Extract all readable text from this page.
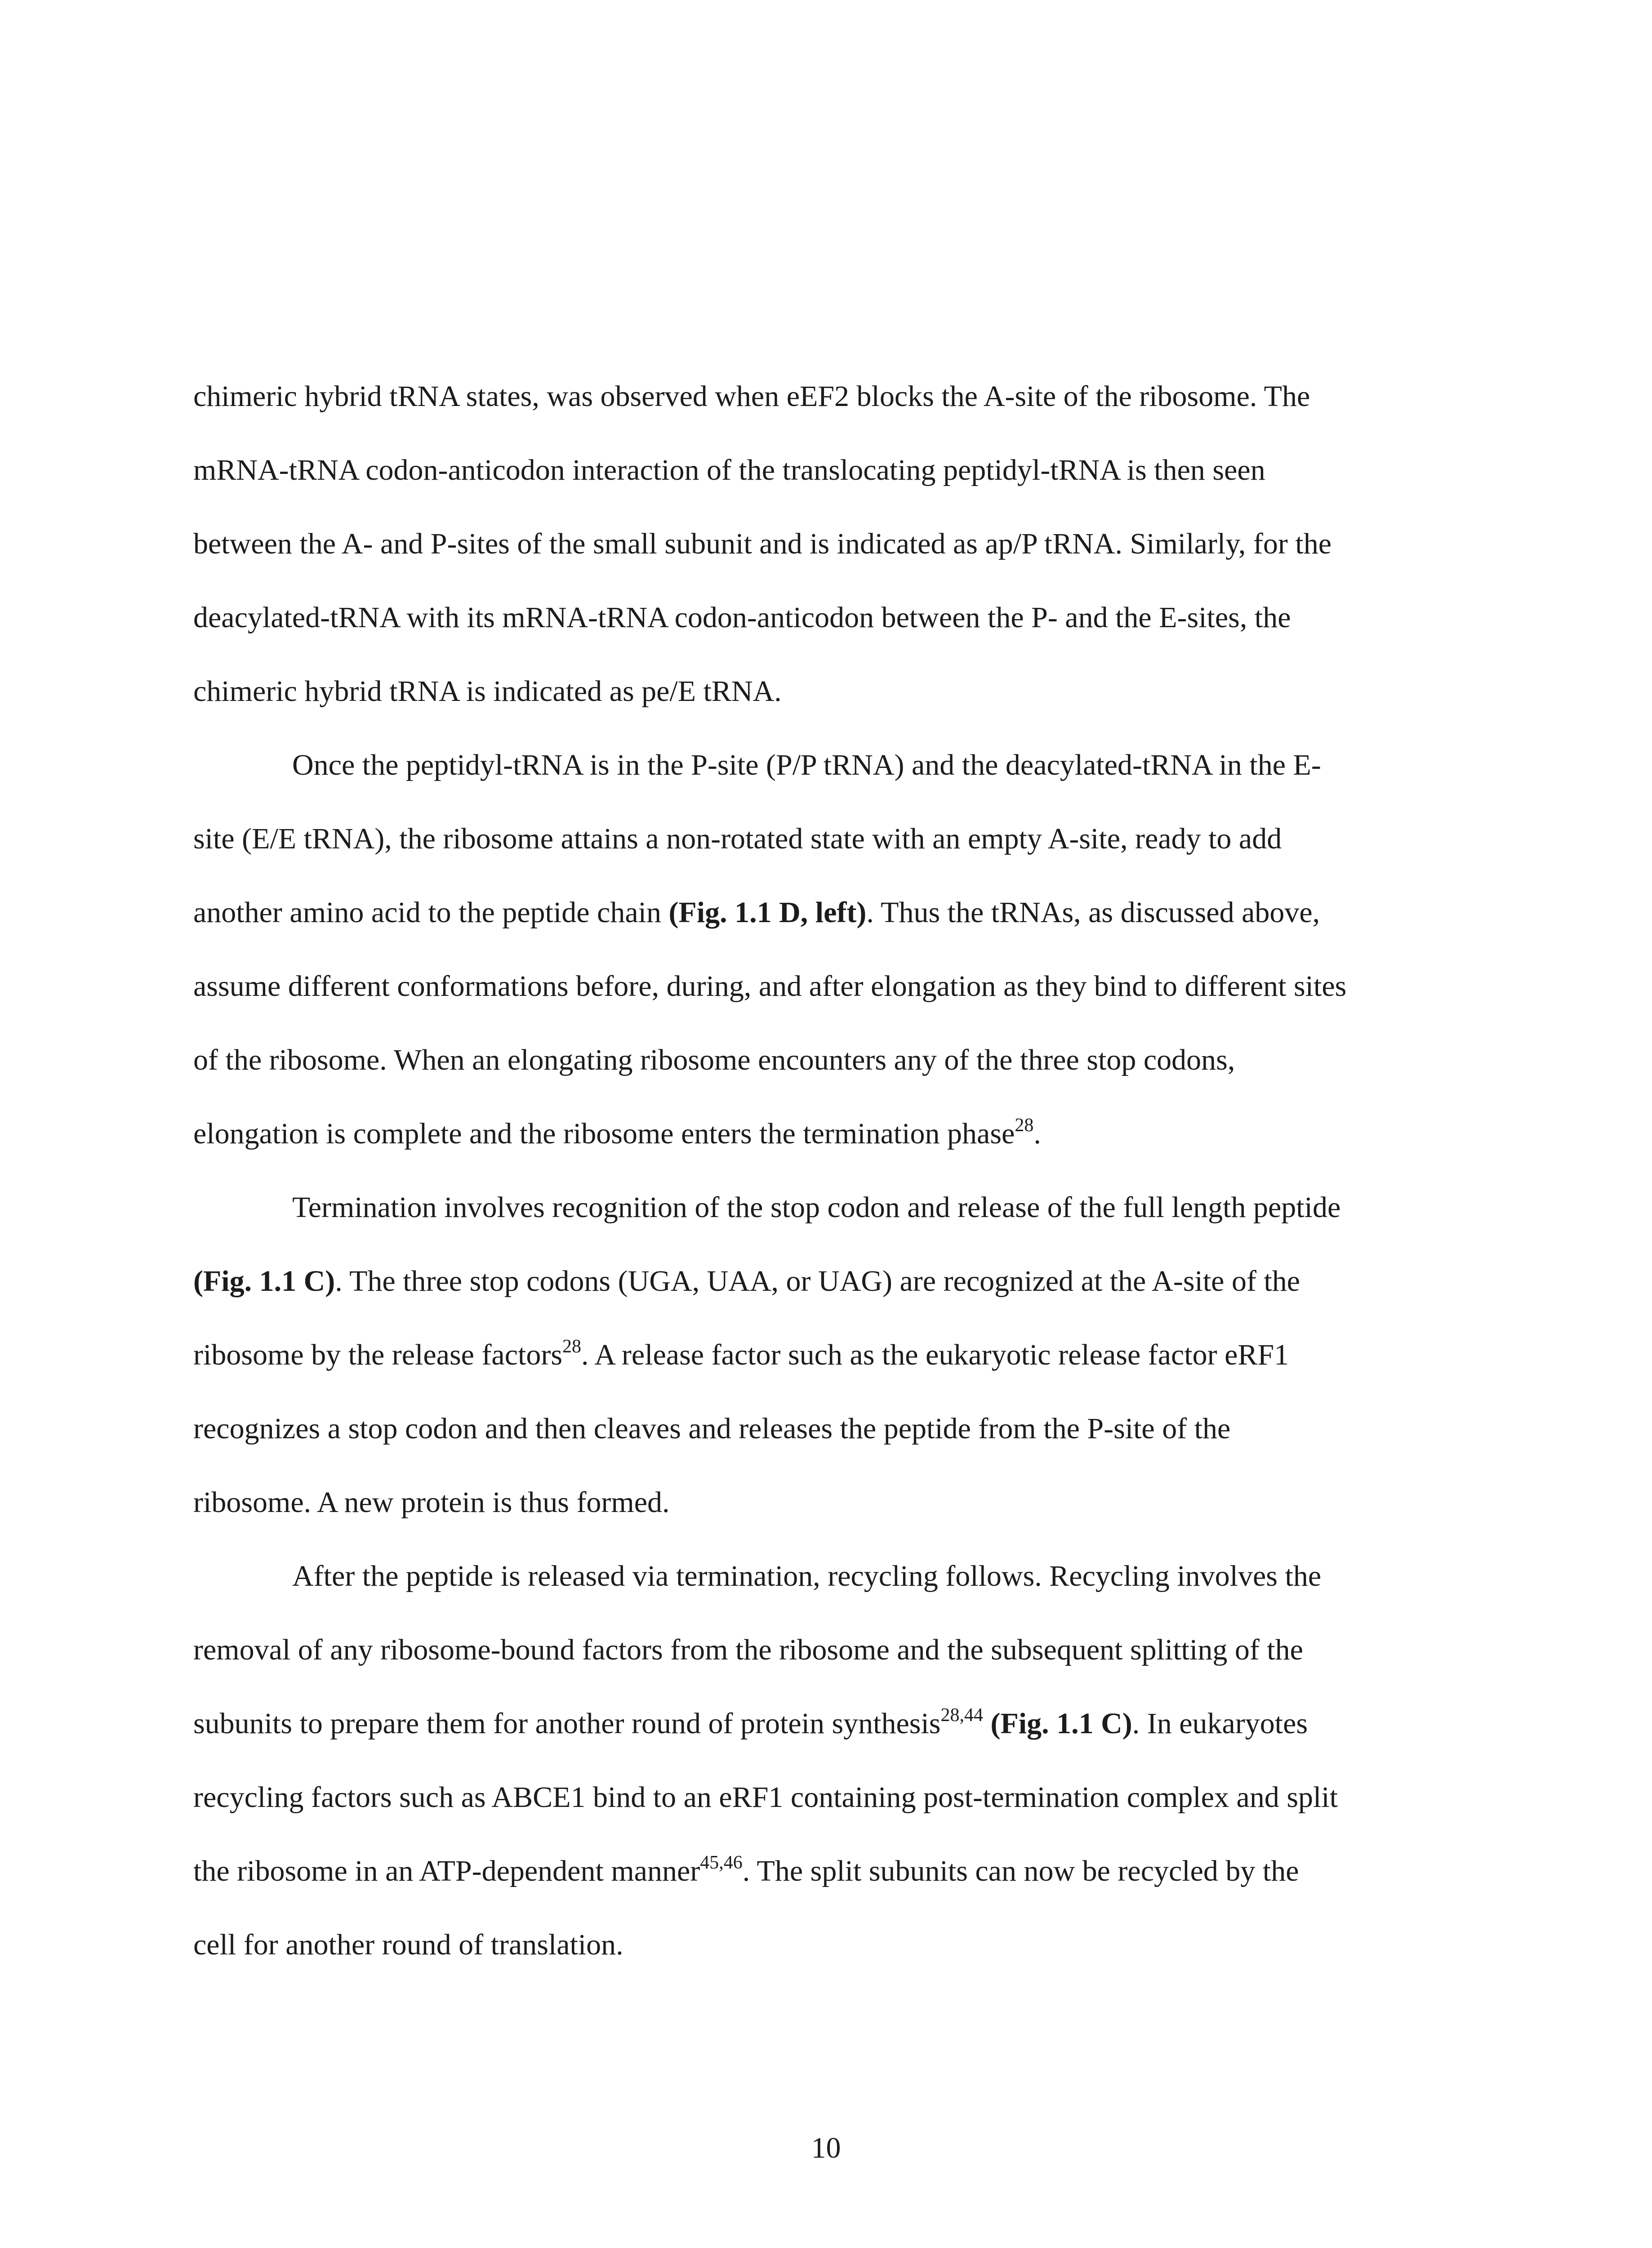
chimeric hybrid tRNA states, was observed when eEF2 blocks the A-site of the ribosome. The
mRNA-tRNA codon-anticodon interaction of the translocating peptidyl-tRNA is then seen
between the A- and P-sites of the small subunit and is indicated as ap/P tRNA. Similarly, for the
deacylated-tRNA with its mRNA-tRNA codon-anticodon between the P- and the E-sites, the
chimeric hybrid tRNA is indicated as pe/E tRNA.
Once the peptidyl-tRNA is in the P-site (P/P tRNA) and the deacylated-tRNA in the E-
site (E/E tRNA), the ribosome attains a non-rotated state with an empty A-site, ready to add
another amino acid to the peptide chain (Fig. 1.1 D, left). Thus the tRNAs, as discussed above,
assume different conformations before, during, and after elongation as they bind to different sites
of the ribosome. When an elongating ribosome encounters any of the three stop codons,
elongation is complete and the ribosome enters the termination phase$^{28}$.
Termination involves recognition of the stop codon and release of the full length peptide
(Fig. 1.1 C). The three stop codons (UGA, UAA, or UAG) are recognized at the A-site of the
ribosome by the release factors$^{28}$. A release factor such as the eukaryotic release factor eRF1
recognizes a stop codon and then cleaves and releases the peptide from the P-site of the
ribosome. A new protein is thus formed.
After the peptide is released via termination, recycling follows. Recycling involves the
removal of any ribosome-bound factors from the ribosome and the subsequent splitting of the
subunits to prepare them for another round of protein synthesis$^{28,44}$ (Fig. 1.1 C). In eukaryotes
recycling factors such as ABCE1 bind to an eRF1 containing post-termination complex and split
the ribosome in an ATP-dependent manner$^{45,46}$. The split subunits can now be recycled by the
cell for another round of translation.
10
